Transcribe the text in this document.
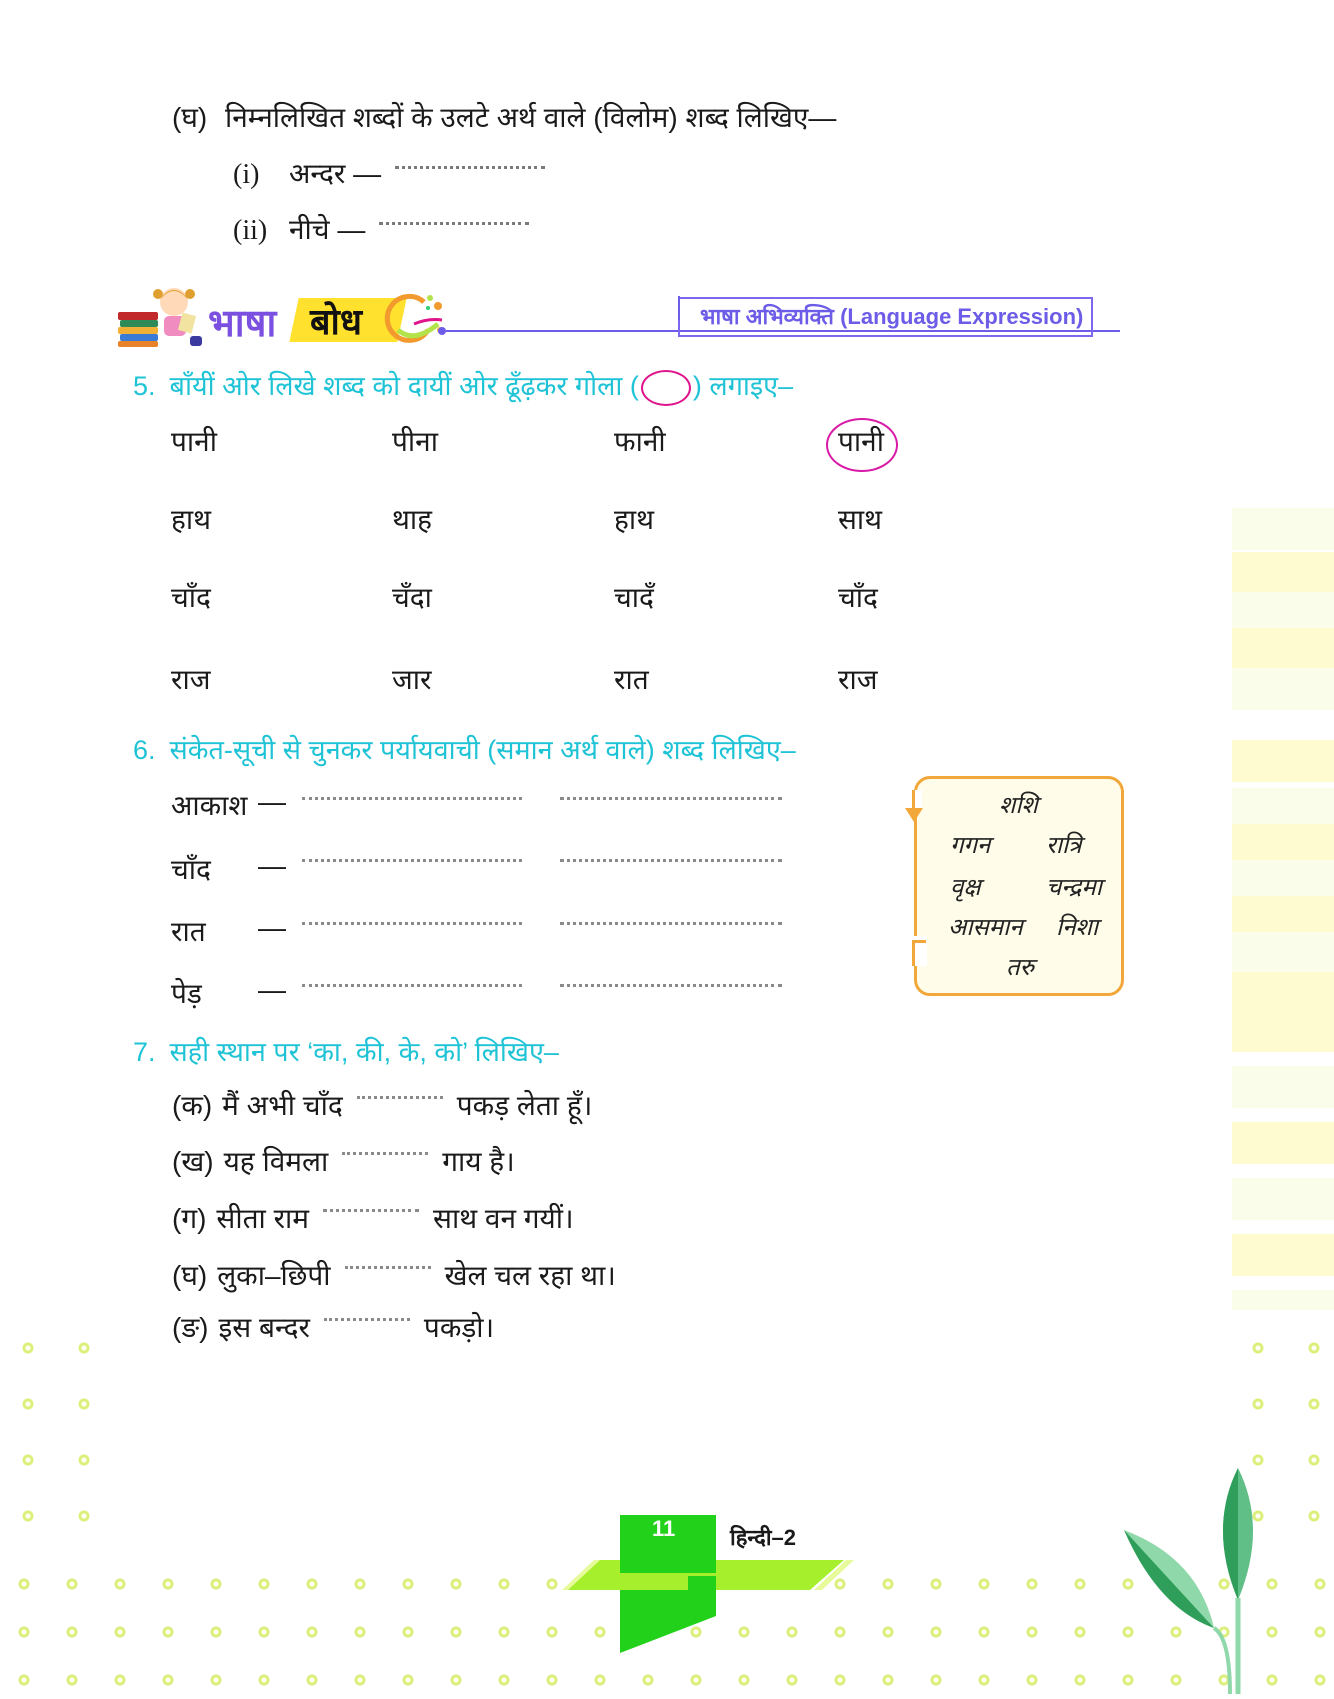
(घ) निम्नलिखित शब्दों के उलटे अर्थ वाले (विलोम) शब्द लिखिए—
(i)	अन्दर —
(ii) नीचे —
भाषा बोध	भाषा अभिव्यक्ति (Language Expression)
5. बाँयीं ओर लिखे शब्द को दायीं ओर ढूँढ़कर गोला ( ) लगाइए–
पानी	पीना	फानी	पानी
हाथ	थाह	हाथ	साथ
चाँद	चँदा	चादँ	चाँद
राज	जार	रात	राज
6. संकेत-सूची से चुनकर पर्यायवाची (समान अर्थ वाले) शब्द लिखिए–
आकाश —
चाँद —
रात —
पेड़ —
शशि
गगन रात्रि
वृक्ष	चन्द्रमा
आसमान निशा
तरु
7. सही स्थान पर ‘का, की, के, को’ लिखिए–
(क) मैं अभी चाँद	पकड़ लेता हूँ।
(ख) यह विमला	गाय है।
(ग) सीता राम	साथ वन गयीं।
(घ) लुका–छिपी	खेल चल रहा था।
(ङ) इस बन्दर	पकड़ो।
11 हिन्दी–2
